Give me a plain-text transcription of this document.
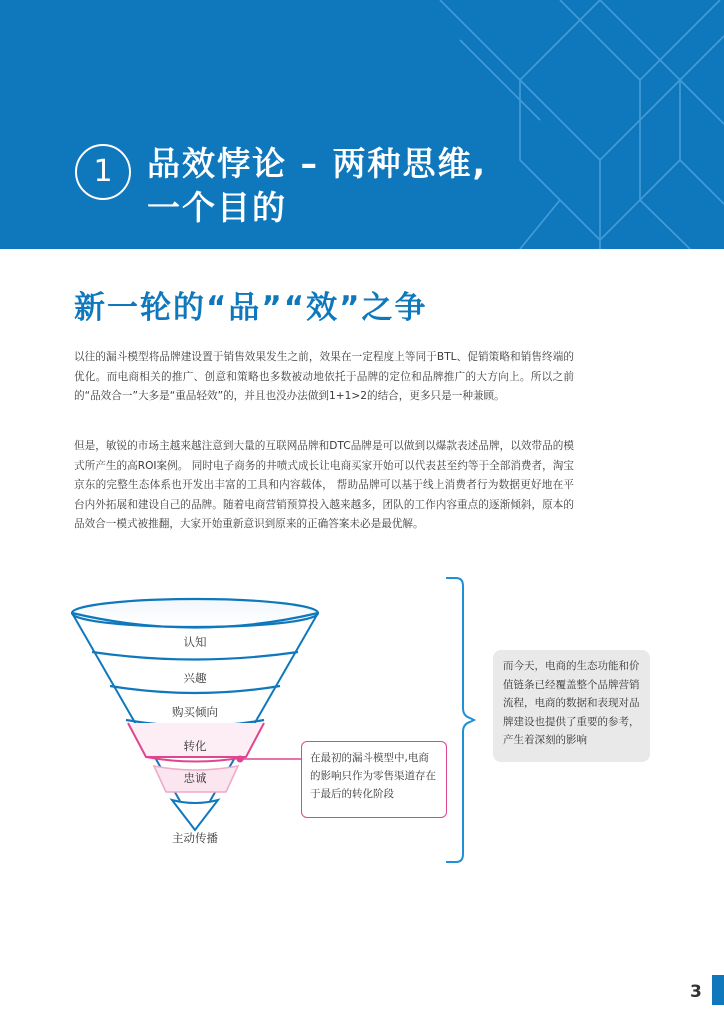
1	品效悖论 – 两种思维,
一个目的
新一轮的“品”“效”之争

以往的漏斗模型将品牌建设置于销售效果发生之前，效果在一定程度上等同于BTL、促销策略和销售终端的优化。而电商相关的推广、创意和策略也多数被动地依托于品牌的定位和品牌推广的大方向上。所以之前的“品效合一”大多是“重品轻效”的，并且也没办法做到1+1>2的结合，更多只是一种兼顾。

但是，敏锐的市场主越来越注意到大量的互联网品牌和DTC品牌是可以做到以爆款表述品牌，以效带品的模式所产生的高ROI案例。 同时电子商务的井喷式成长让电商买家开始可以代表甚至约等于全部消费者，淘宝京东的完整生态体系也开发出丰富的工具和内容载体， 帮助品牌可以基于线上消费者行为数据更好地在平台内外拓展和建设自己的品牌。随着电商营销预算投入越来越多，团队的工作内容重点的逐渐倾斜，原本的品效合一模式被推翻，大家开始重新意识到原来的正确答案未必是最优解。

认知
兴趣
购买倾向
转化
忠诚
主动传播
在最初的漏斗模型中,电商的影响只作为零售渠道存在于最后的转化阶段
而今天，电商的生态功能和价值链条已经覆盖整个品牌营销流程，电商的数据和表现对品牌建设也提供了重要的参考，产生着深刻的影响
3
